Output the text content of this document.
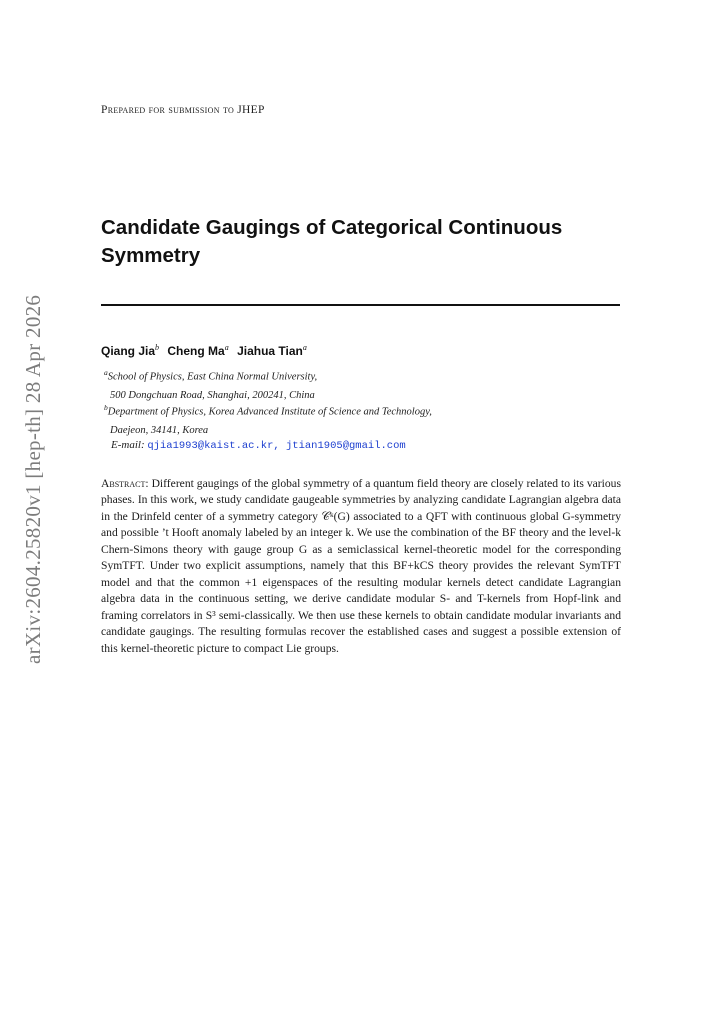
Prepared for submission to JHEP
Candidate Gaugings of Categorical Continuous
Symmetry
Qiang Jia$^b$ Cheng Ma$^a$ Jiahua Tian$^a$
$^a$School of Physics, East China Normal University,
500 Dongchuan Road, Shanghai, 200241, China
$^b$Department of Physics, Korea Advanced Institute of Science and Technology,
Daejeon, 34141, Korea
E-mail: qjia1993@kaist.ac.kr, jtian1905@gmail.com
Abstract: Different gaugings of the global symmetry of a quantum field theory are closely related to its various phases. In this work, we study candidate gaugeable symmetries by analyzing candidate Lagrangian algebra data in the Drinfeld center of a symmetry category 𝒞ᵏ(G) associated to a QFT with continuous global G-symmetry and possible ’t Hooft anomaly labeled by an integer k. We use the combination of the BF theory and the level-k Chern-Simons theory with gauge group G as a semiclassical kernel-theoretic model for the corresponding SymTFT. Under two explicit assumptions, namely that this BF+kCS theory provides the relevant SymTFT model and that the common +1 eigenspaces of the resulting modular kernels detect candidate Lagrangian algebra data in the continuous setting, we derive candidate modular S- and T-kernels from Hopf-link and framing correlators in S³ semi-classically. We then use these kernels to obtain candidate modular invariants and candidate gaugings. The resulting formulas recover the established cases and suggest a possible extension of this kernel-theoretic picture to compact Lie groups.
arXiv:2604.25820v1 [hep-th] 28 Apr 2026
